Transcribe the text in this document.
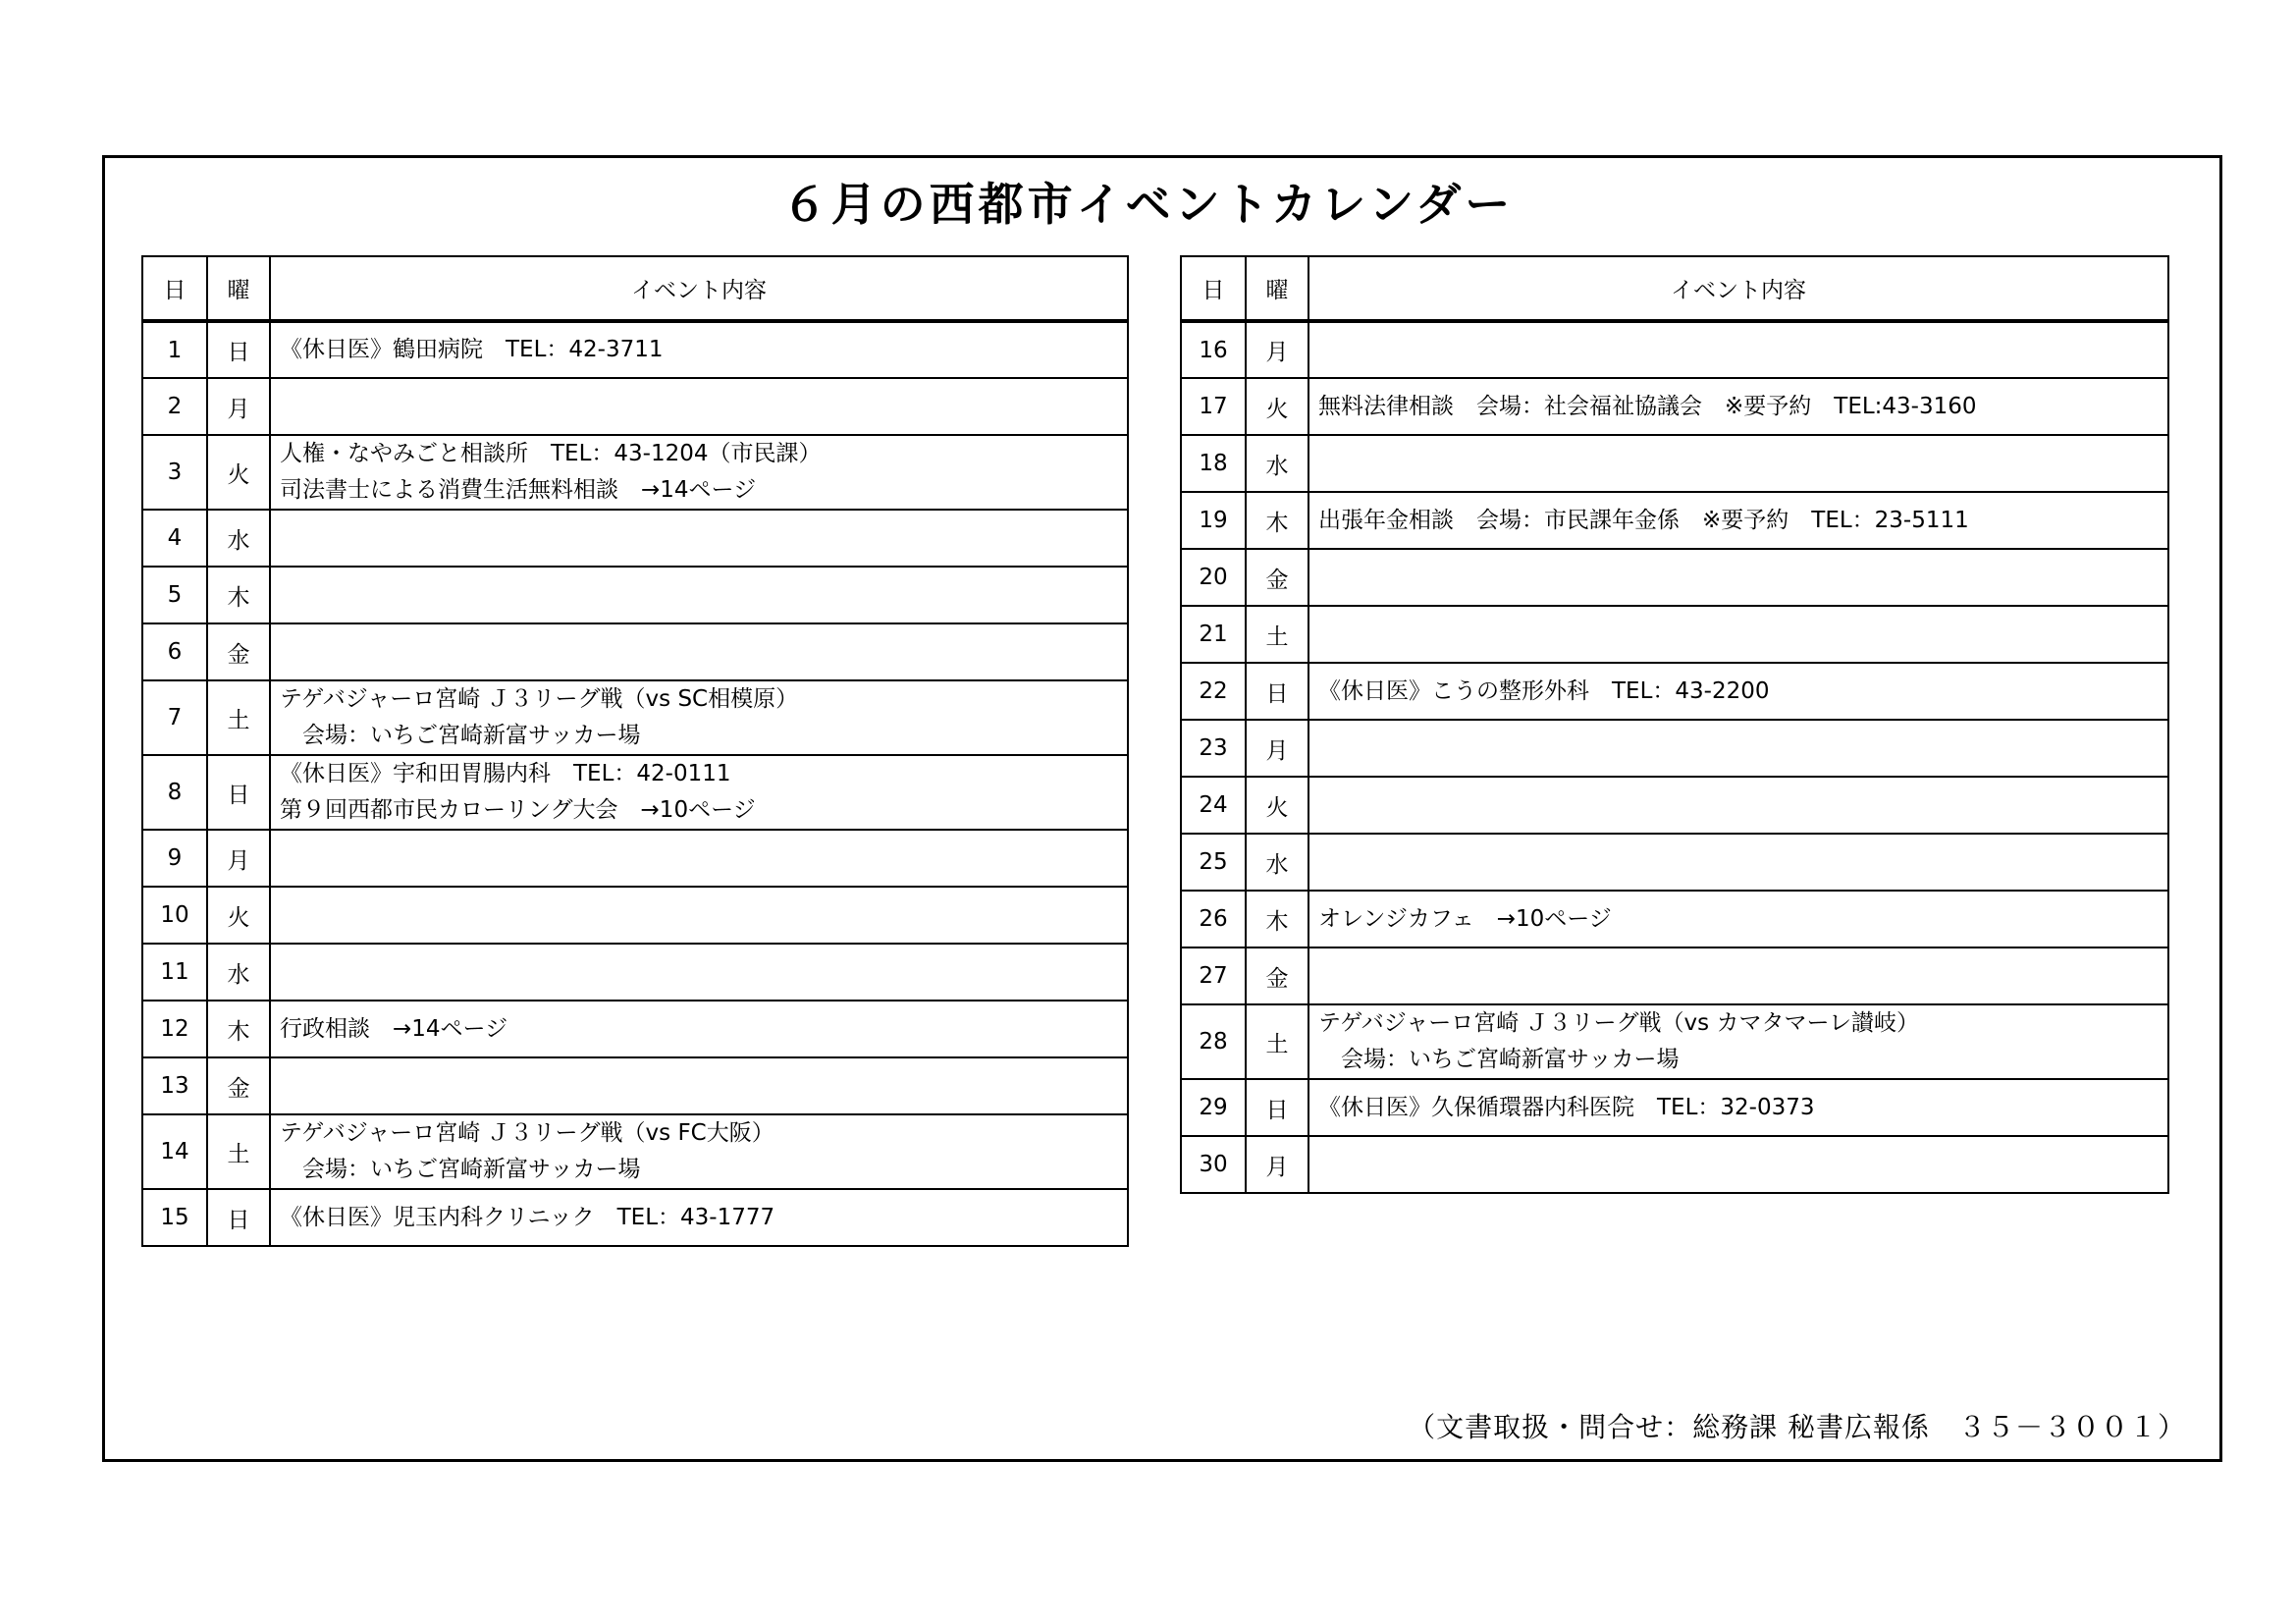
６月の西都市イベントカレンダー
日	曜	イベント内容
1	日	《休日医》鶴田病院　TEL：42-3711

2	月	
3	火	人権・なやみごと相談所　TEL：43-1204（市民課）
司法書士による消費生活無料相談　→14ページ

4	水	
5	木	
6	金	
7	土	テゲバジャーロ宮崎 Ｊ３リーグ戦（vs SC相模原）
　会場：いちご宮崎新富サッカー場

8	日	《休日医》宇和田胃腸内科　TEL：42-0111
第９回西都市民カローリング大会　→10ページ

9	月	
10	火	
11	水	
12	木	行政相談　→14ページ

13	金	
14	土	テゲバジャーロ宮崎 Ｊ３リーグ戦（vs FC大阪）
　会場：いちご宮崎新富サッカー場

15	日	《休日医》児玉内科クリニック　TEL：43-1777
日	曜	イベント内容
16	月	
17	火	無料法律相談　会場：社会福祉協議会　※要予約　TEL:43-3160

18	水	
19	木	出張年金相談　会場：市民課年金係　※要予約　TEL：23-5111

20	金	
21	土	
22	日	《休日医》こうの整形外科　TEL：43-2200

23	月	
24	火	
25	水	
26	木	オレンジカフェ　→10ページ

27	金	
28	土	テゲバジャーロ宮崎 Ｊ３リーグ戦（vs カマタマーレ讃岐）
　会場：いちご宮崎新富サッカー場

29	日	《休日医》久保循環器内科医院　TEL：32-0373

30	月	
（文書取扱・問合せ：総務課 秘書広報係　３５－３００１）
